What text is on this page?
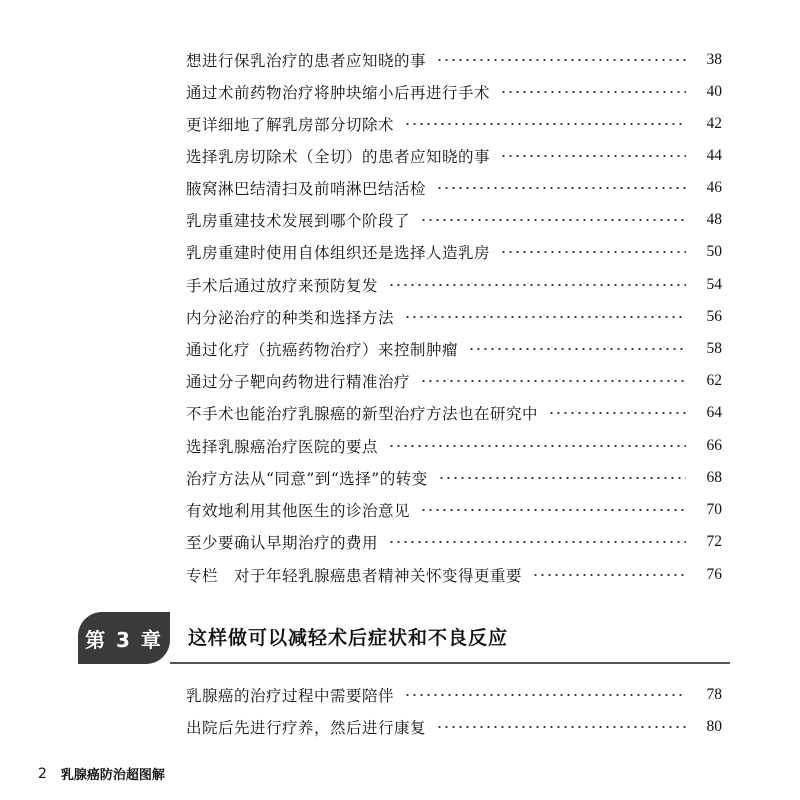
想进行保乳治疗的患者应知晓的事	38
通过术前药物治疗将肿块缩小后再进行手术	40
更详细地了解乳房部分切除术	42
选择乳房切除术（全切）的患者应知晓的事	44
腋窝淋巴结清扫及前哨淋巴结活检	46
乳房重建技术发展到哪个阶段了	48
乳房重建时使用自体组织还是选择人造乳房	50
手术后通过放疗来预防复发	54
内分泌治疗的种类和选择方法	56
通过化疗（抗癌药物治疗）来控制肿瘤	58
通过分子靶向药物进行精准治疗	62
不手术也能治疗乳腺癌的新型治疗方法也在研究中	64
选择乳腺癌治疗医院的要点	66
治疗方法从“同意”到“选择”的转变	68
有效地利用其他医生的诊治意见	70
至少要确认早期治疗的费用	72
专栏　对于年轻乳腺癌患者精神关怀变得更重要	76
第 3 章	这样做可以减轻术后症状和不良反应
乳腺癌的治疗过程中需要陪伴	78
出院后先进行疗养，然后进行康复	80
2 乳腺癌防治超图解
